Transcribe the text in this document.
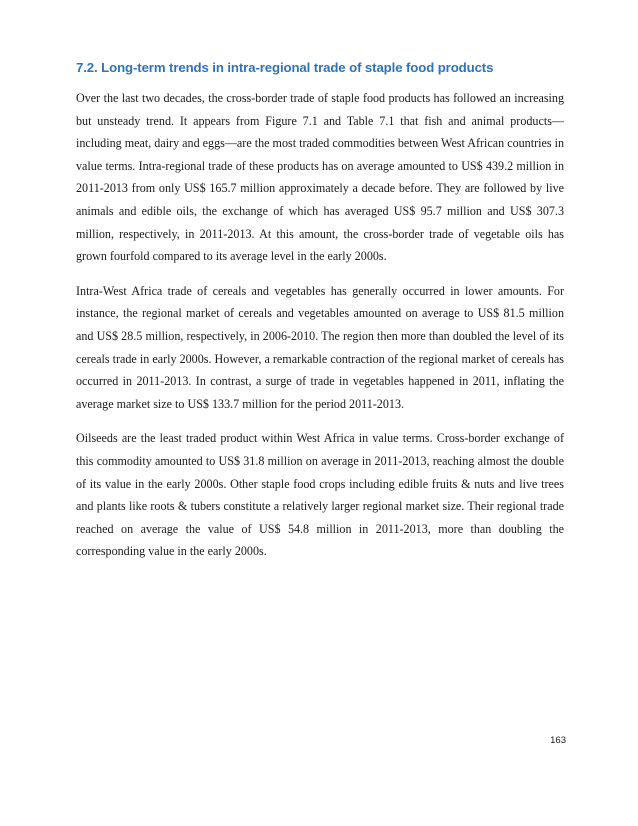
7.2. Long-term trends in intra-regional trade of staple food products

Over the last two decades, the cross-border trade of staple food products has followed an increasing but unsteady trend. It appears from Figure 7.1 and Table 7.1 that fish and animal products—including meat, dairy and eggs—are the most traded commodities between West African countries in value terms. Intra-regional trade of these products has on average amounted to US$ 439.2 million in 2011-2013 from only US$ 165.7 million approximately a decade before. They are followed by live animals and edible oils, the exchange of which has averaged US$ 95.7 million and US$ 307.3 million, respectively, in 2011-2013. At this amount, the cross-border trade of vegetable oils has grown fourfold compared to its average level in the early 2000s.

Intra-West Africa trade of cereals and vegetables has generally occurred in lower amounts. For instance, the regional market of cereals and vegetables amounted on average to US$ 81.5 million and US$ 28.5 million, respectively, in 2006-2010. The region then more than doubled the level of its cereals trade in early 2000s. However, a remarkable contraction of the regional market of cereals has occurred in 2011-2013. In contrast, a surge of trade in vegetables happened in 2011, inflating the average market size to US$ 133.7 million for the period 2011-2013.

Oilseeds are the least traded product within West Africa in value terms. Cross-border exchange of this commodity amounted to US$ 31.8 million on average in 2011-2013, reaching almost the double of its value in the early 2000s. Other staple food crops including edible fruits & nuts and live trees and plants like roots & tubers constitute a relatively larger regional market size. Their regional trade reached on average the value of US$ 54.8 million in 2011-2013, more than doubling the corresponding value in the early 2000s.

163
